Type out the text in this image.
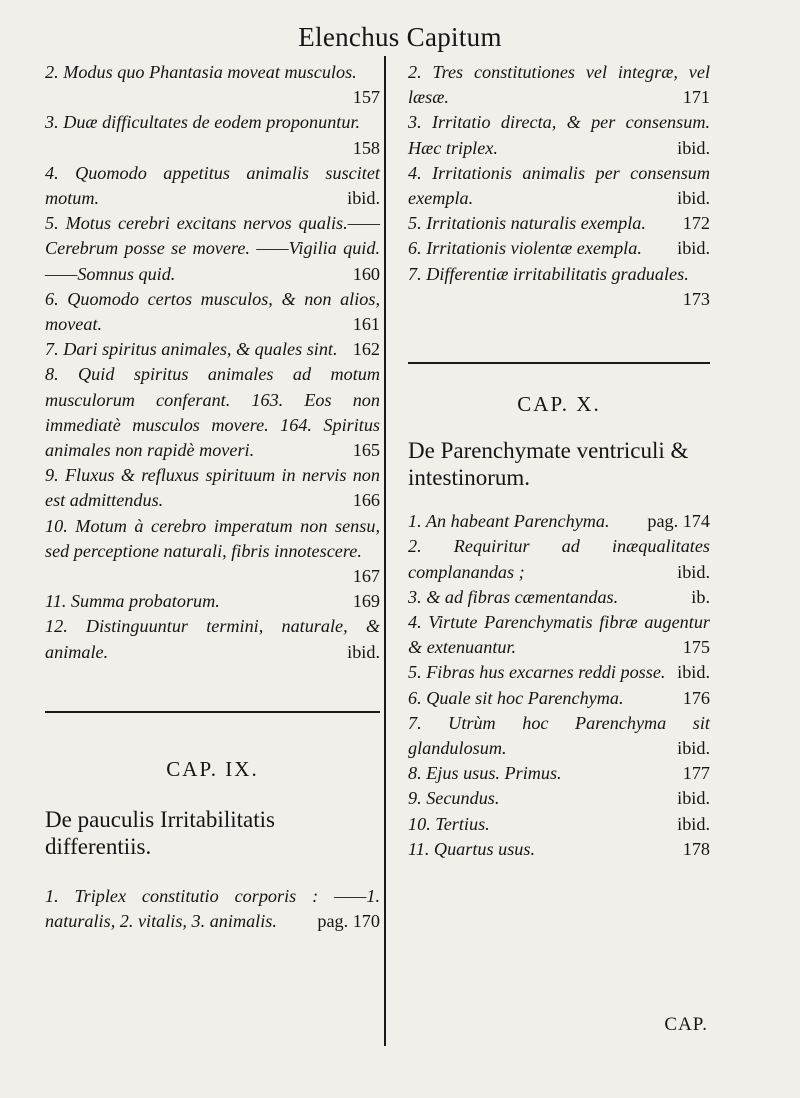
Elenchus Capitum
2. Modus quo Phantasia moveat musculos.
157
3. Duæ difficultates de eodem proponuntur.
158
4. Quomodo appetitus animalis suscitet motum.	ibid.
5. Motus cerebri excitans nervos qualis.——Cerebrum posse se movere. ——Vigilia quid. ——Somnus quid.	160
6. Quomodo certos musculos, & non alios, moveat.	161
7. Dari spiritus animales, & quales sint. 162
8. Quid spiritus animales ad motum musculorum conferant. 163. Eos non immediatè musculos movere. 164. Spiritus animales non rapidè moveri.	165
9. Fluxus & refluxus spirituum in nervis non est admittendus.	166
10. Motum à cerebro imperatum non sensu, sed perceptione naturali, fibris innotescere.
167
11. Summa probatorum.	169
12. Distinguuntur termini, naturale, & animale.	ibid.
CAP. IX.
De pauculis Irritabilitatis differentiis.
1. Triplex constitutio corporis : ——1. naturalis, 2. vitalis, 3. animalis. pag. 170
2. Tres constitutiones vel integræ, vel læsæ.	171
3. Irritatio directa, & per consensum. Hæc triplex.	ibid.
4. Irritationis animalis per consensum exempla.	ibid.
5. Irritationis naturalis exempla. 172
6. Irritationis violentæ exempla. ibid.
7. Differentiæ irritabilitatis graduales.
173
CAP. X.
De Parenchymate ventriculi & intestinorum.
1. An habeant Parenchyma. pag. 174
2. Requiritur ad inæqualitates complanandas ;	ibid.
3. & ad fibras cæmentandas.	ib.
4. Virtute Parenchymatis fibræ augentur & extenuantur.	175
5. Fibras hus excarnes reddi posse. ibid.
6. Quale sit hoc Parenchyma.	176
7. Utrùm hoc Parenchyma sit glandulosum.	ibid.
8. Ejus usus. Primus.	177
9. Secundus.	ibid.
10. Tertius.	ibid.
11. Quartus usus.	178
CAP.
